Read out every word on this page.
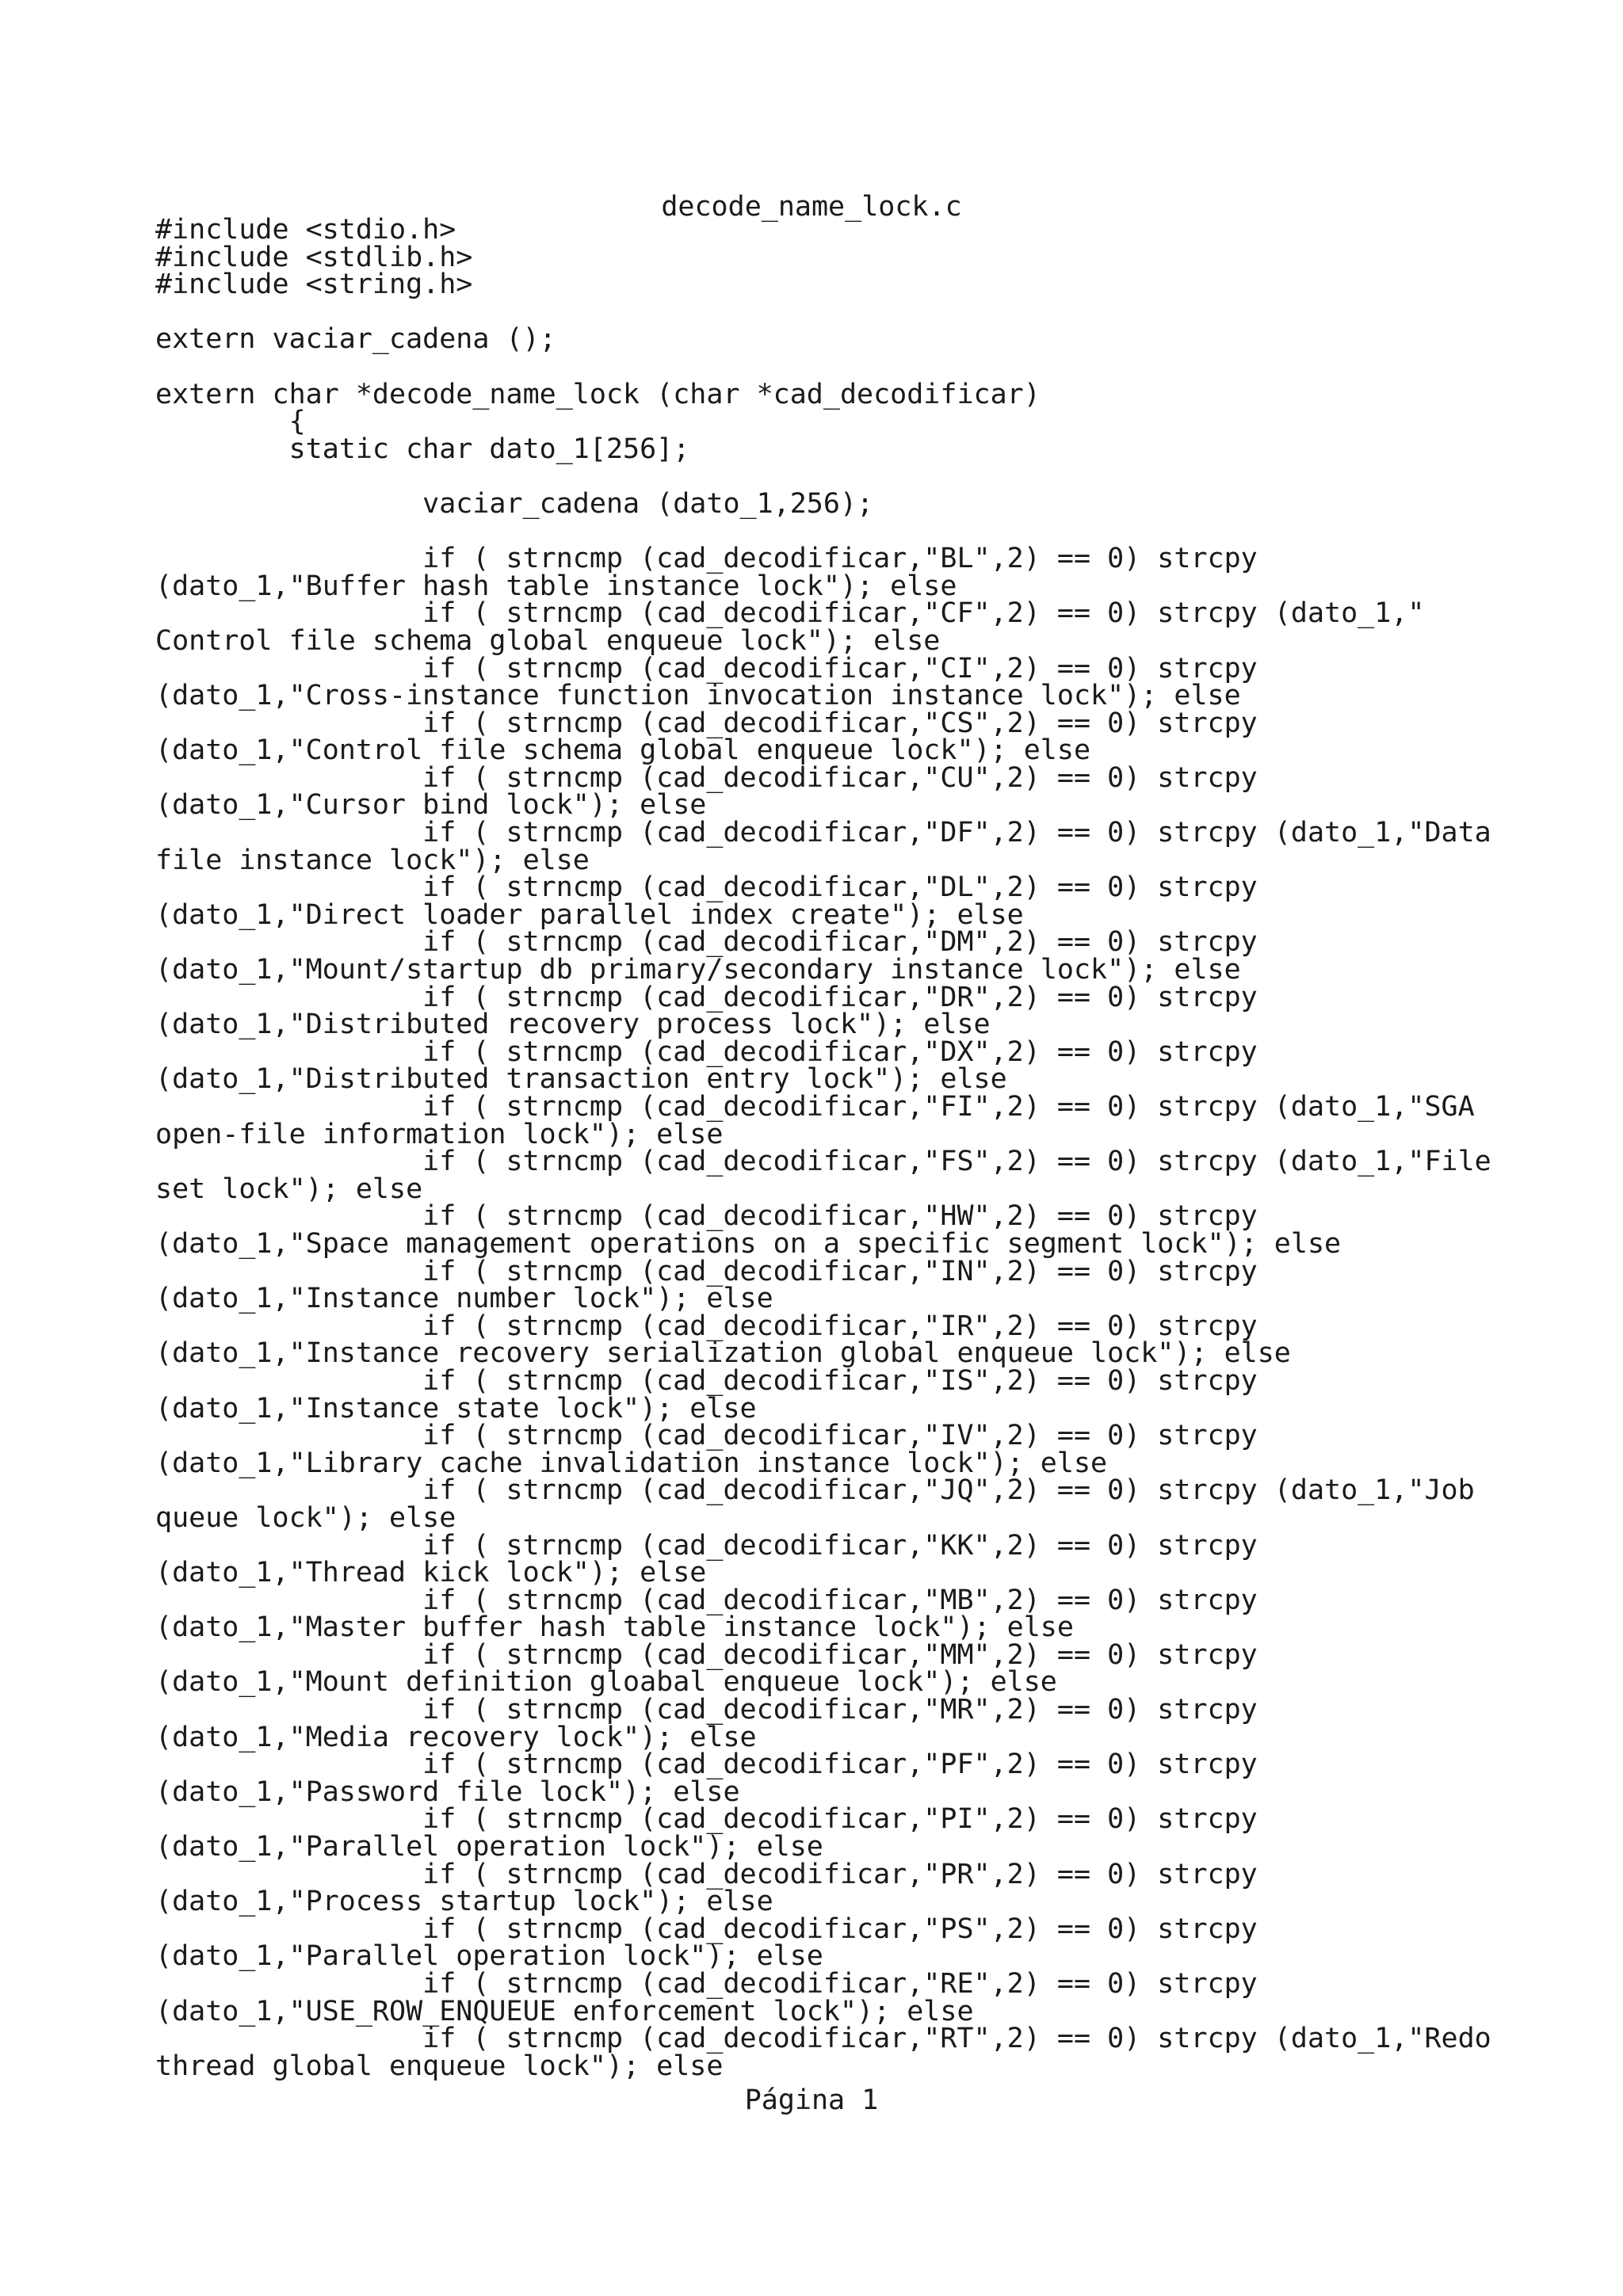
decode_name_lock.c
#include <stdio.h>
#include <stdlib.h>
#include <string.h>
extern vaciar_cadena ();
extern char *decode_name_lock (char *cad_decodificar)
{
static char dato_1[256];
vaciar_cadena (dato_1,256);
if ( strncmp (cad_decodificar,"BL",2) == 0) strcpy
(dato_1,"Buffer hash table instance lock"); else
if ( strncmp (cad_decodificar,"CF",2) == 0) strcpy (dato_1,"
Control file schema global enqueue lock"); else
if ( strncmp (cad_decodificar,"CI",2) == 0) strcpy
(dato_1,"Cross-instance function invocation instance lock"); else
if ( strncmp (cad_decodificar,"CS",2) == 0) strcpy
(dato_1,"Control file schema global enqueue lock"); else
if ( strncmp (cad_decodificar,"CU",2) == 0) strcpy
(dato_1,"Cursor bind lock"); else
if ( strncmp (cad_decodificar,"DF",2) == 0) strcpy (dato_1,"Data
file instance lock"); else
if ( strncmp (cad_decodificar,"DL",2) == 0) strcpy
(dato_1,"Direct loader parallel index create"); else
if ( strncmp (cad_decodificar,"DM",2) == 0) strcpy
(dato_1,"Mount/startup db primary/secondary instance lock"); else
if ( strncmp (cad_decodificar,"DR",2) == 0) strcpy
(dato_1,"Distributed recovery process lock"); else
if ( strncmp (cad_decodificar,"DX",2) == 0) strcpy
(dato_1,"Distributed transaction entry lock"); else
if ( strncmp (cad_decodificar,"FI",2) == 0) strcpy (dato_1,"SGA
open-file information lock"); else
if ( strncmp (cad_decodificar,"FS",2) == 0) strcpy (dato_1,"File
set lock"); else
if ( strncmp (cad_decodificar,"HW",2) == 0) strcpy
(dato_1,"Space management operations on a specific segment lock"); else
if ( strncmp (cad_decodificar,"IN",2) == 0) strcpy
(dato_1,"Instance number lock"); else
if ( strncmp (cad_decodificar,"IR",2) == 0) strcpy
(dato_1,"Instance recovery serialization global enqueue lock"); else
if ( strncmp (cad_decodificar,"IS",2) == 0) strcpy
(dato_1,"Instance state lock"); else
if ( strncmp (cad_decodificar,"IV",2) == 0) strcpy
(dato_1,"Library cache invalidation instance lock"); else
if ( strncmp (cad_decodificar,"JQ",2) == 0) strcpy (dato_1,"Job
queue lock"); else
if ( strncmp (cad_decodificar,"KK",2) == 0) strcpy
(dato_1,"Thread kick lock"); else
if ( strncmp (cad_decodificar,"MB",2) == 0) strcpy
(dato_1,"Master buffer hash table instance lock"); else
if ( strncmp (cad_decodificar,"MM",2) == 0) strcpy
(dato_1,"Mount definition gloabal enqueue lock"); else
if ( strncmp (cad_decodificar,"MR",2) == 0) strcpy
(dato_1,"Media recovery lock"); else
if ( strncmp (cad_decodificar,"PF",2) == 0) strcpy
(dato_1,"Password file lock"); else
if ( strncmp (cad_decodificar,"PI",2) == 0) strcpy
(dato_1,"Parallel operation lock"); else
if ( strncmp (cad_decodificar,"PR",2) == 0) strcpy
(dato_1,"Process startup lock"); else
if ( strncmp (cad_decodificar,"PS",2) == 0) strcpy
(dato_1,"Parallel operation lock"); else
if ( strncmp (cad_decodificar,"RE",2) == 0) strcpy
(dato_1,"USE_ROW_ENQUEUE enforcement lock"); else
if ( strncmp (cad_decodificar,"RT",2) == 0) strcpy (dato_1,"Redo
thread global enqueue lock"); else
Página 1
